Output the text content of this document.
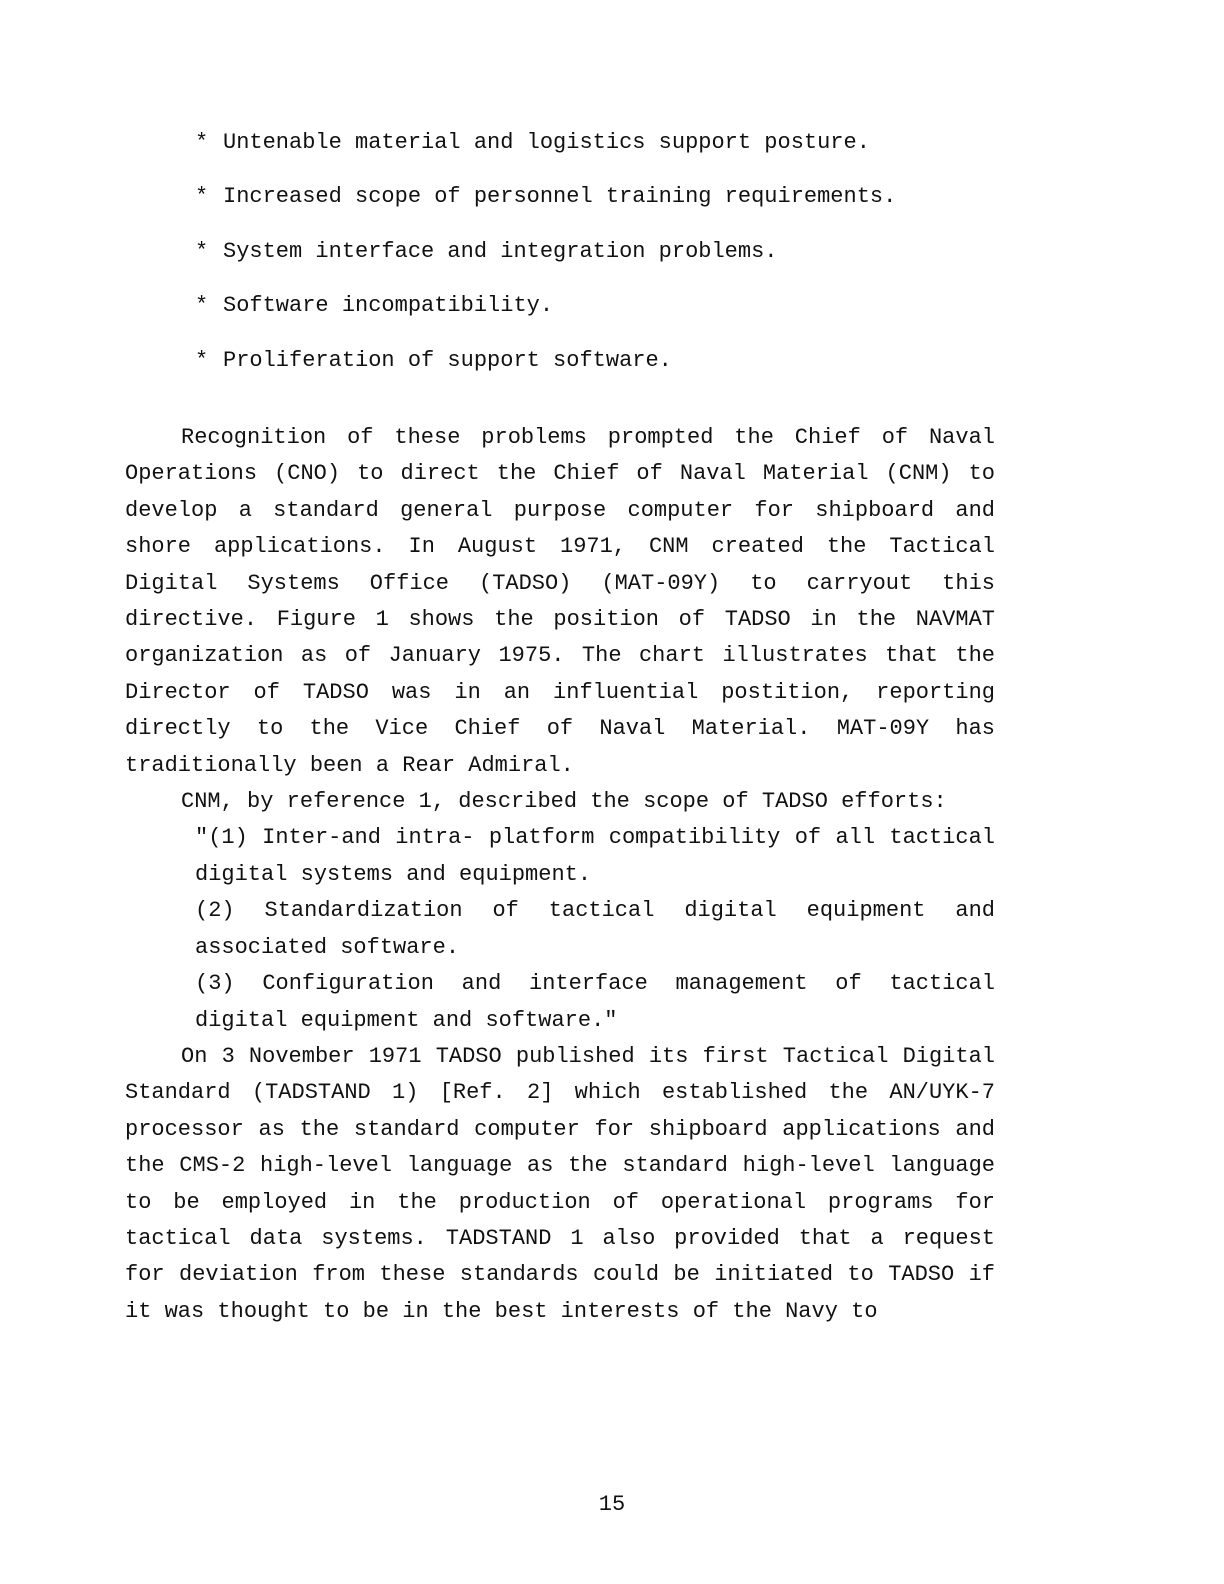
* Untenable material and logistics support posture.
* Increased scope of personnel training requirements.
* System interface and integration problems.
* Software incompatibility.
* Proliferation of support software.

Recognition of these problems prompted the Chief of Naval Operations (CNO) to direct the Chief of Naval Material (CNM) to develop a standard general purpose computer for shipboard and shore applications. In August 1971, CNM created the Tactical Digital Systems Office (TADSO) (MAT-09Y) to carryout this directive. Figure 1 shows the position of TADSO in the NAVMAT organization as of January 1975. The chart illustrates that the Director of TADSO was in an influential postition, reporting directly to the Vice Chief of Naval Material. MAT-09Y has traditionally been a Rear Admiral.

CNM, by reference 1, described the scope of TADSO efforts:

"(1) Inter-and intra- platform compatibility of all tactical digital systems and equipment.

(2) Standardization of tactical digital equipment and associated software.

(3) Configuration and interface management of tactical digital equipment and software."

On 3 November 1971 TADSO published its first Tactical Digital Standard (TADSTAND 1) [Ref. 2] which established the AN/UYK-7 processor as the standard computer for shipboard applications and the CMS-2 high-level language as the standard high-level language to be employed in the production of operational programs for tactical data systems. TADSTAND 1 also provided that a request for deviation from these standards could be initiated to TADSO if it was thought to be in the best interests of the Navy to

15
